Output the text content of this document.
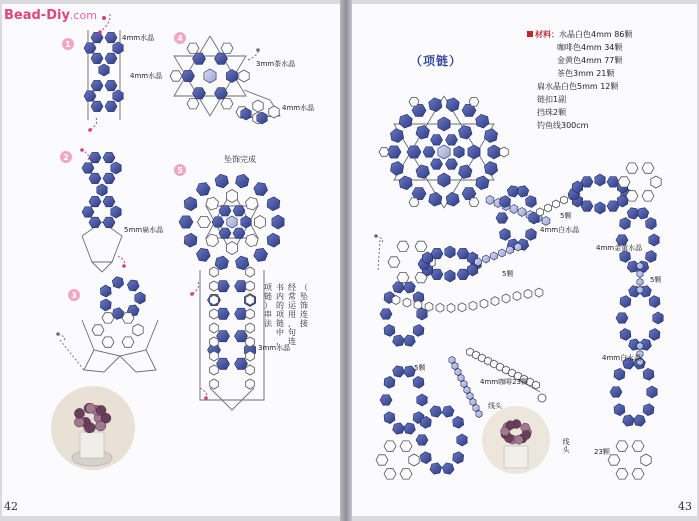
Bead-Diy.com
1
2
3
4
5
4mm水晶
4mm水晶
5mm扁水晶
3mm茶水晶
4mm水晶
坠饰完成
3mm水晶
书
内
的
项
链
中
，
经
常
运
用
，
句
连
（
坠
饰
连
接
项
链
）
串
法
5颗
4mm白水晶
5颗
4mm金黄水晶
5颗
4mm白水晶
23颗
5颗
4mm咖啡23颗
线头
线
头
（项链）
材料：水晶白色4mm 86颗
咖啡色4mm 34颗
金黄色4mm 77颗
茶色3mm 21颗
扁水晶白色5mm 12颗
链扣1副
挡珠2颗
钓鱼线300cm
42	43
